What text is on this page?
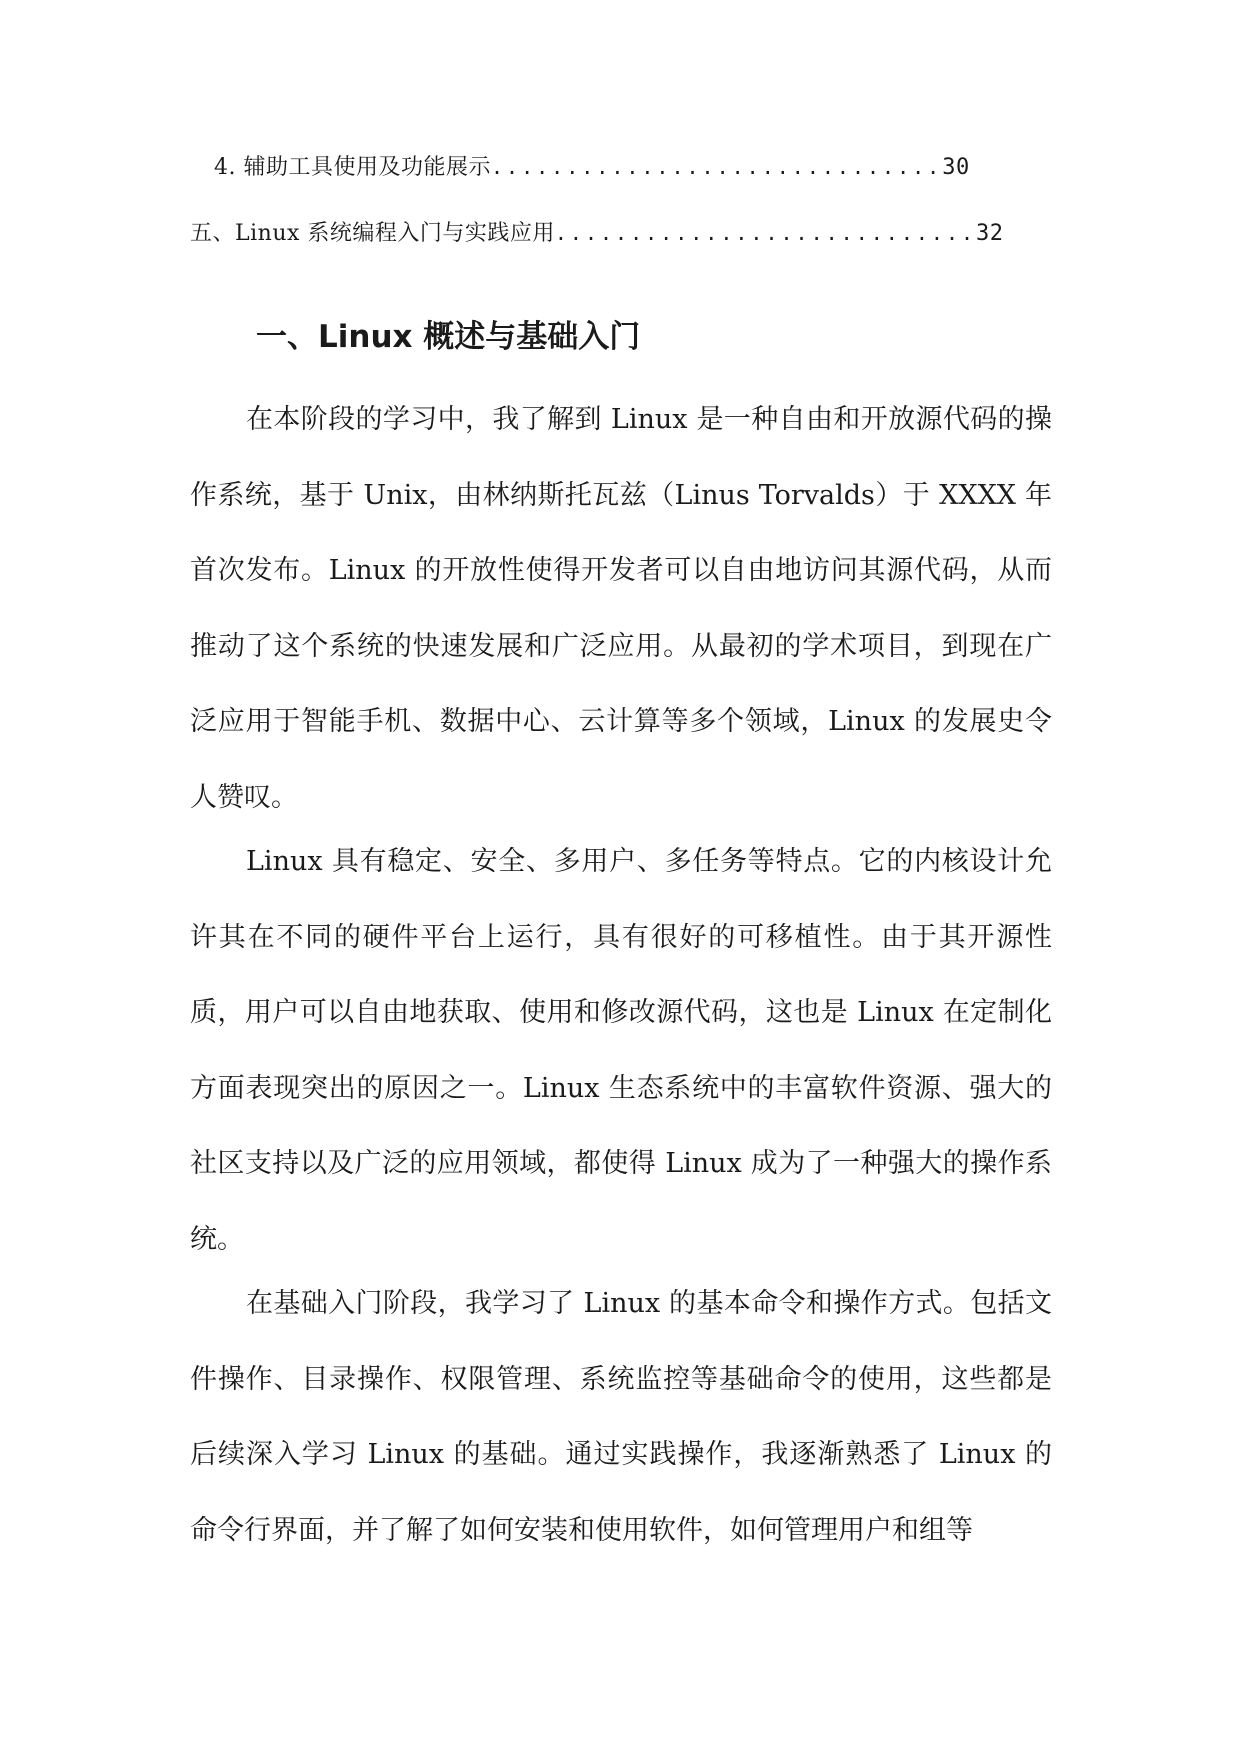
4. 辅助工具使用及功能展示 .............................. 30
五、Linux 系统编程入门与实践应用 ............................ 32
一、Linux 概述与基础入门

在本阶段的学习中，我了解到 Linux 是一种自由和开放源代码的操作系统，基于 Unix，由林纳斯托瓦兹（Linus Torvalds）于 XXXX 年首次发布。Linux 的开放性使得开发者可以自由地访问其源代码，从而推动了这个系统的快速发展和广泛应用。从最初的学术项目，到现在广泛应用于智能手机、数据中心、云计算等多个领域，Linux 的发展史令人赞叹。

Linux 具有稳定、安全、多用户、多任务等特点。它的内核设计允许其在不同的硬件平台上运行，具有很好的可移植性。由于其开源性质，用户可以自由地获取、使用和修改源代码，这也是 Linux 在定制化方面表现突出的原因之一。Linux 生态系统中的丰富软件资源、强大的社区支持以及广泛的应用领域，都使得 Linux 成为了一种强大的操作系统。

在基础入门阶段，我学习了 Linux 的基本命令和操作方式。包括文件操作、目录操作、权限管理、系统监控等基础命令的使用，这些都是后续深入学习 Linux 的基础。通过实践操作，我逐渐熟悉了 Linux 的命令行界面，并了解了如何安装和使用软件，如何管理用户和组等
